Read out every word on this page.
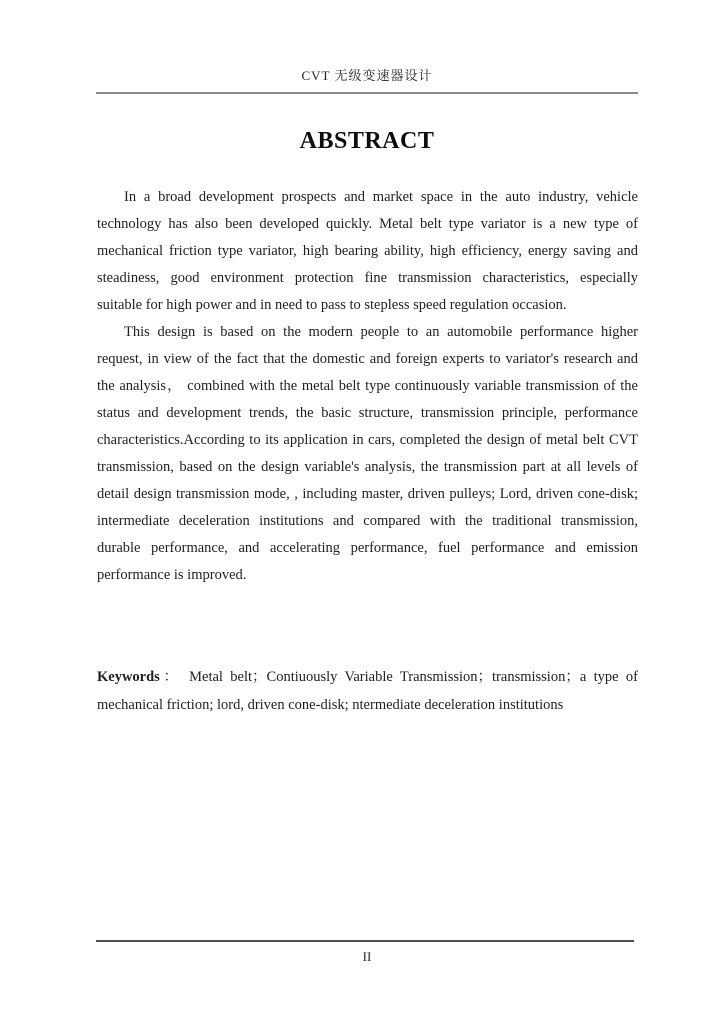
CVT 无级变速器设计
ABSTRACT
In a broad development prospects and market space in the auto industry, vehicle
technology has also been developed quickly. Metal belt type variator is a new type of
mechanical friction type variator, high bearing ability, high efficiency, energy saving and
steadiness, good environment protection fine transmission characteristics, especially
suitable for high power and in need to pass to stepless speed regulation occasion.
This design is based on the modern people to an automobile performance higher
request, in view of the fact that the domestic and foreign experts to variator's research and
the analysis， combined with the metal belt type continuously variable transmission of the
status and development trends, the basic structure, transmission principle, performance
characteristics.According to its application in cars, completed the design of metal belt CVT
transmission, based on the design variable's analysis, the transmission part at all levels of
detail design transmission mode, , including master, driven pulleys; Lord, driven cone-disk;
intermediate deceleration institutions and compared with the traditional transmission,
durable performance, and accelerating performance, fuel performance and emission
performance is improved.
Keywords： Metal belt；Contiuously Variable Transmission；transmission；a type of
mechanical friction; lord, driven cone-disk; ntermediate deceleration institutions
II
